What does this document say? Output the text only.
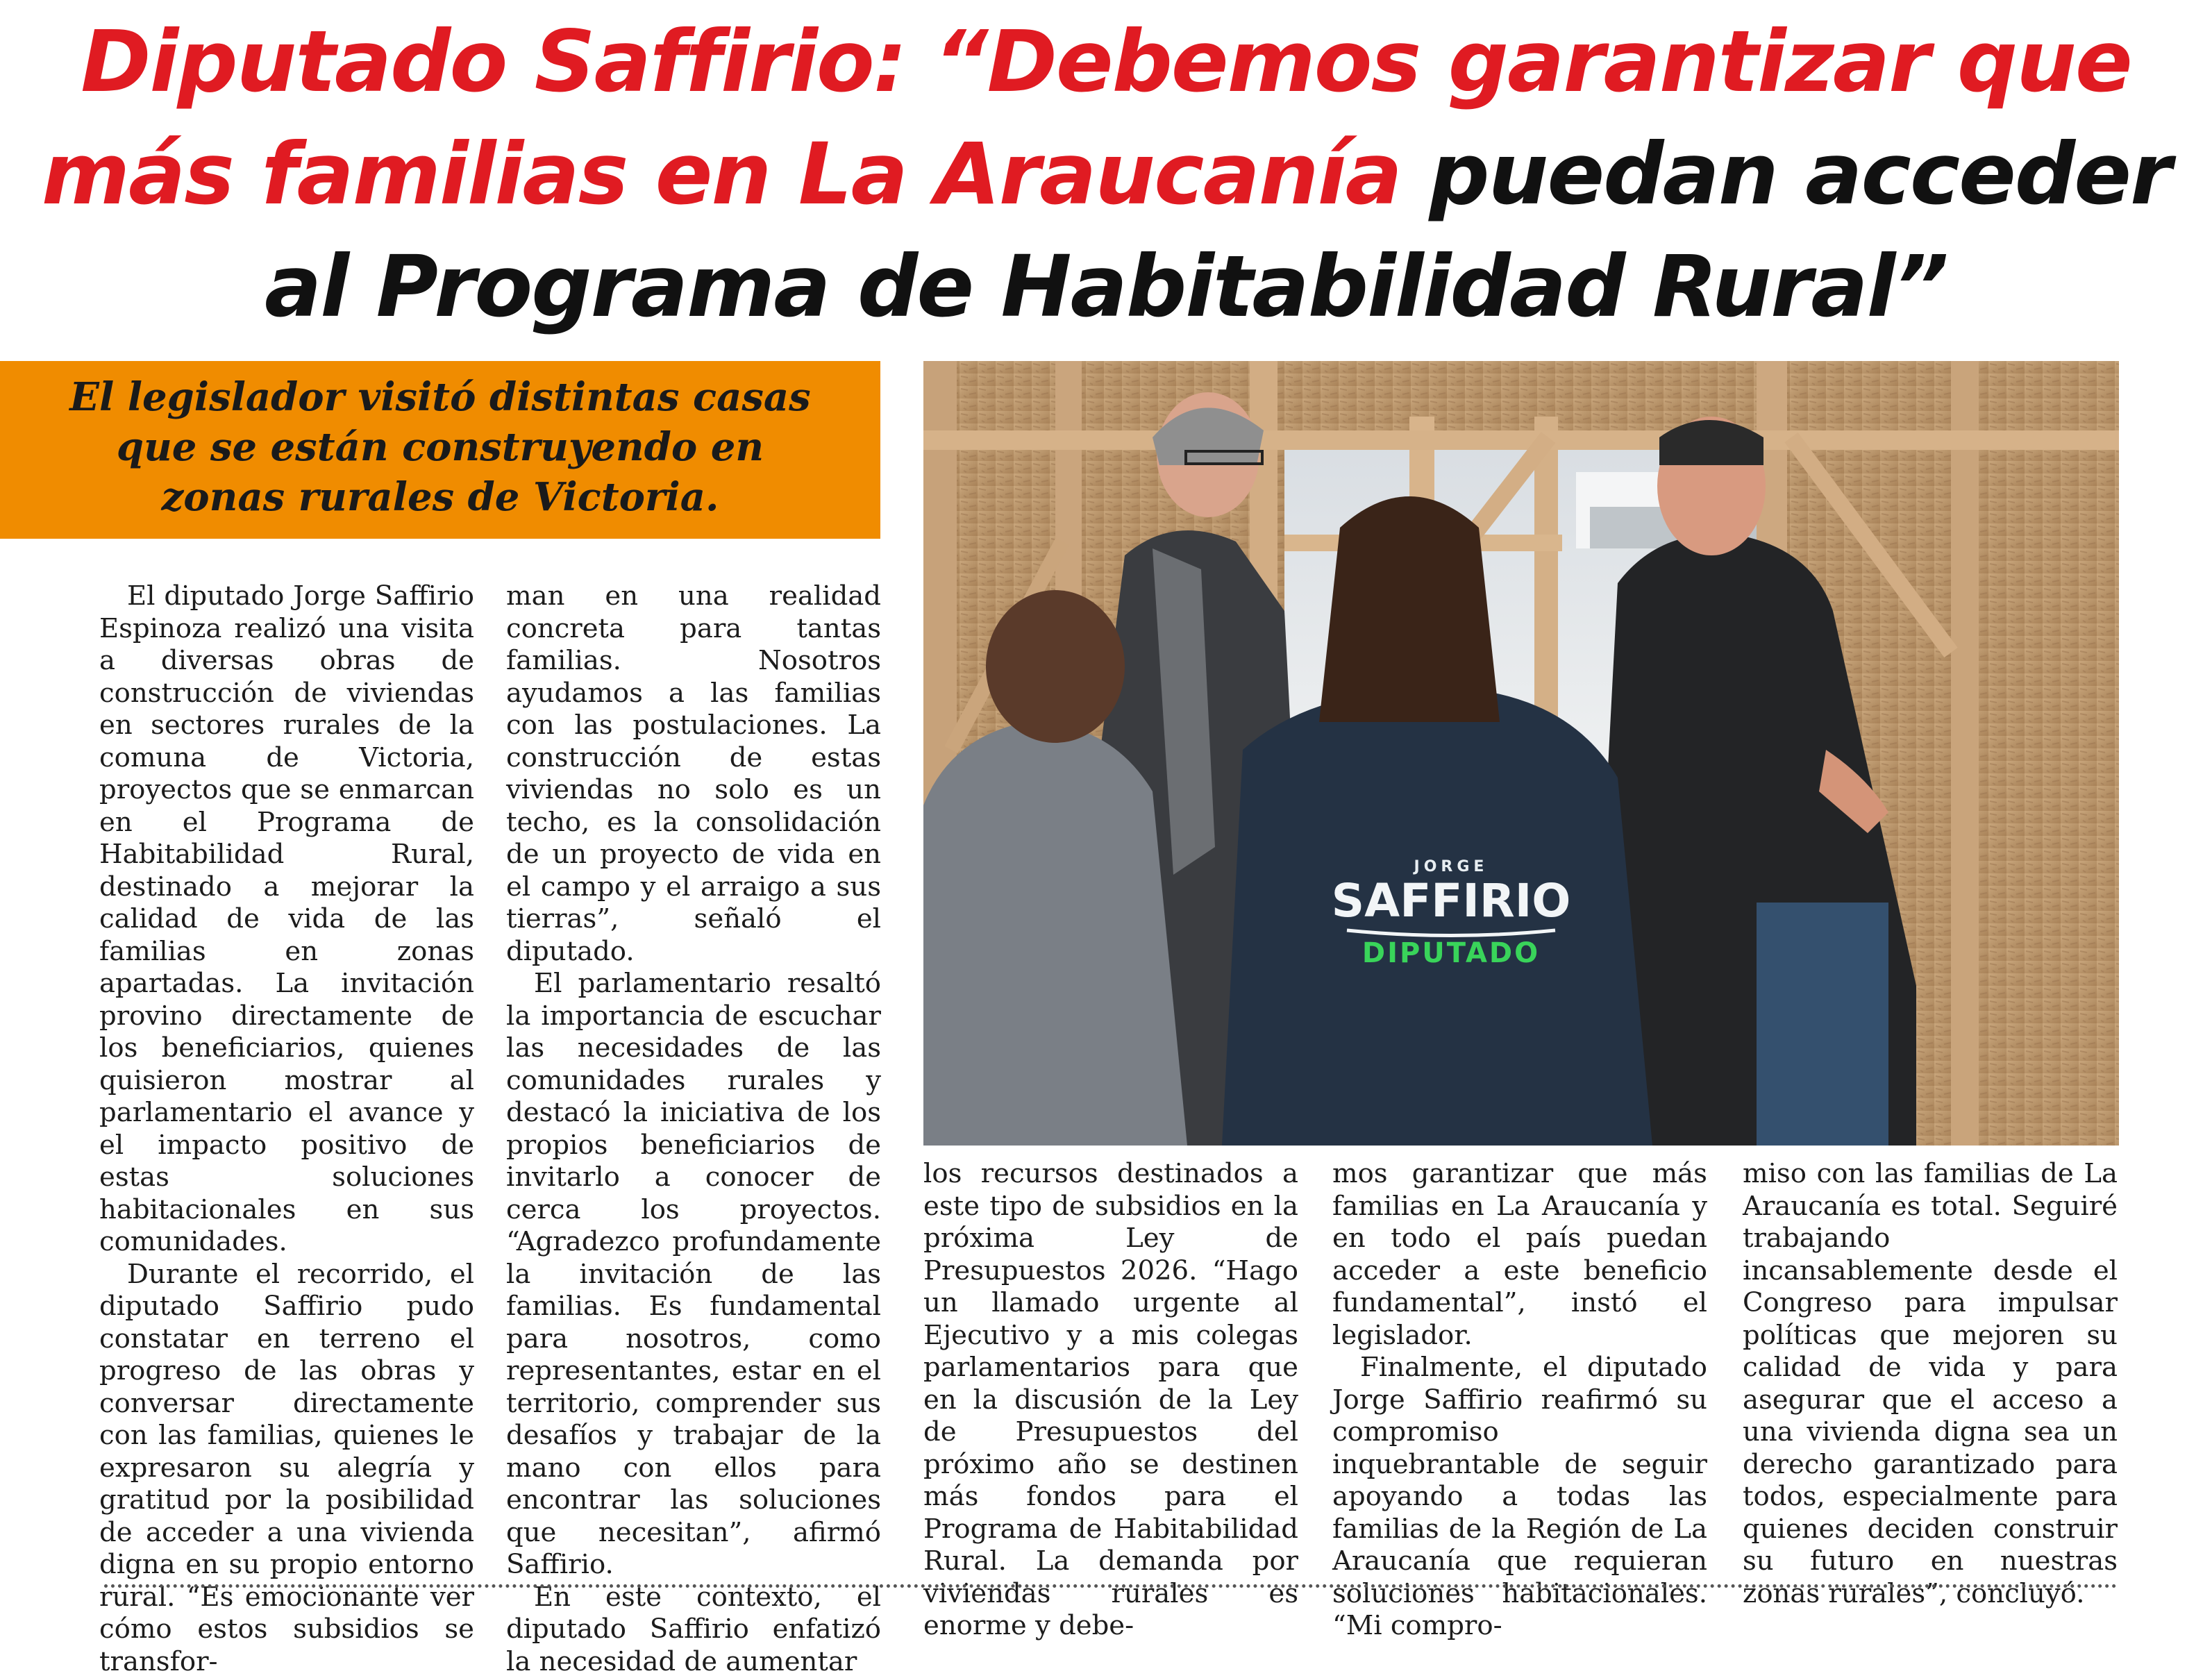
Diputado Saffirio: “Debemos garantizar que más familias en La Araucanía puedan acceder al Programa de Habitabilidad Rural”
El legislador visitó distintas casas que se están construyendo en zonas rurales de Victoria.
JORGE
SAFFIRIO
DIPUTADO

El diputado Jorge Saffirio Espinoza realizó una visita a diversas obras de construcción de viviendas en sectores rurales de la comuna de Victoria, proyectos que se enmarcan en el Programa de Habitabilidad Rural, destinado a mejorar la calidad de vida de las familias en zonas apartadas. La invitación provino directamente de los beneficiarios, quienes quisieron mostrar al parlamentario el avance y el impacto positivo de estas soluciones habitacionales en sus comunidades.

Durante el recorrido, el diputado Saffirio pudo constatar en terreno el progreso de las obras y conversar directamente con las familias, quienes le expresaron su alegría y gratitud por la posibilidad de acceder a una vivienda digna en su propio entorno rural. “Es emocionante ver cómo estos subsidios se transfor-

man en una realidad concreta para tantas familias. Nosotros ayudamos a las familias con las postulaciones. La construcción de estas viviendas no solo es un techo, es la consolidación de un proyecto de vida en el campo y el arraigo a sus tierras”, señaló el diputado.

El parlamentario resaltó la importancia de escuchar las necesidades de las comunidades rurales y destacó la iniciativa de los propios beneficiarios de invitarlo a conocer de cerca los proyectos. “Agradezco profundamente la invitación de las familias. Es fundamental para nosotros, como representantes, estar en el territorio, comprender sus desafíos y trabajar de la mano con ellos para encontrar las soluciones que necesitan”, afirmó Saffirio.

En este contexto, el diputado Saffirio enfatizó la necesidad de aumentar

los recursos destinados a este tipo de subsidios en la próxima Ley de Presupuestos 2026. “Hago un llamado urgente al Ejecutivo y a mis colegas parlamentarios para que en la discusión de la Ley de Presupuestos del próximo año se destinen más fondos para el Programa de Habitabilidad Rural. La demanda por viviendas rurales es enorme y debe-

mos garantizar que más familias en La Araucanía y en todo el país puedan acceder a este beneficio fundamental”, instó el legislador.

Finalmente, el diputado Jorge Saffirio reafirmó su compromiso inquebrantable de seguir apoyando a todas las familias de la Región de La Araucanía que requieran soluciones habitacionales. “Mi compro-

miso con las familias de La Araucanía es total. Seguiré trabajando incansablemente desde el Congreso para impulsar políticas que mejoren su calidad de vida y para asegurar que el acceso a una vivienda digna sea un derecho garantizado para todos, especialmente para quienes deciden construir su futuro en nuestras zonas rurales”, concluyó.
